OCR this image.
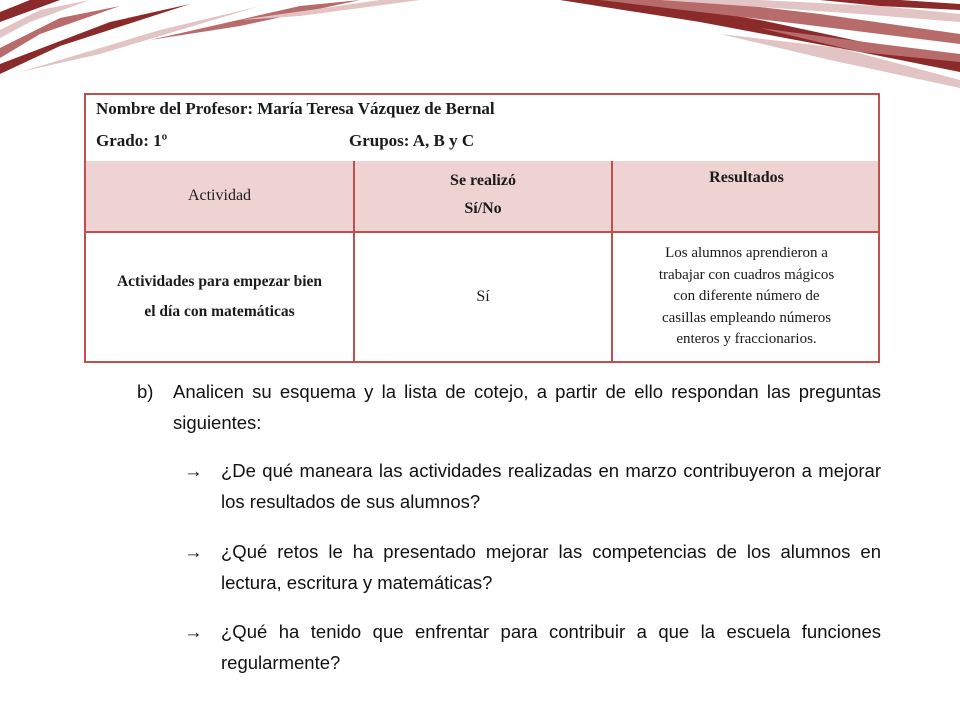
Nombre del Profesor: María Teresa Vázquez de Bernal
Grado: 1º	Grupos: A, B y C
Actividad
Se realizó
Sí/No
Resultados
Actividades para empezar bien
el día con matemáticas
Sí
Los alumnos aprendieron a
trabajar con cuadros mágicos
con diferente número de
casillas empleando números
enteros y fraccionarios.
b) Analicen su esquema y la lista de cotejo, a partir de ello respondan las preguntas siguientes:
→ ¿De qué maneara las actividades realizadas en marzo contribuyeron a mejorar los resultados de sus alumnos?
→ ¿Qué retos le ha presentado mejorar las competencias de los alumnos en lectura, escritura y matemáticas?
→ ¿Qué ha tenido que enfrentar para contribuir a que la escuela funciones regularmente?
